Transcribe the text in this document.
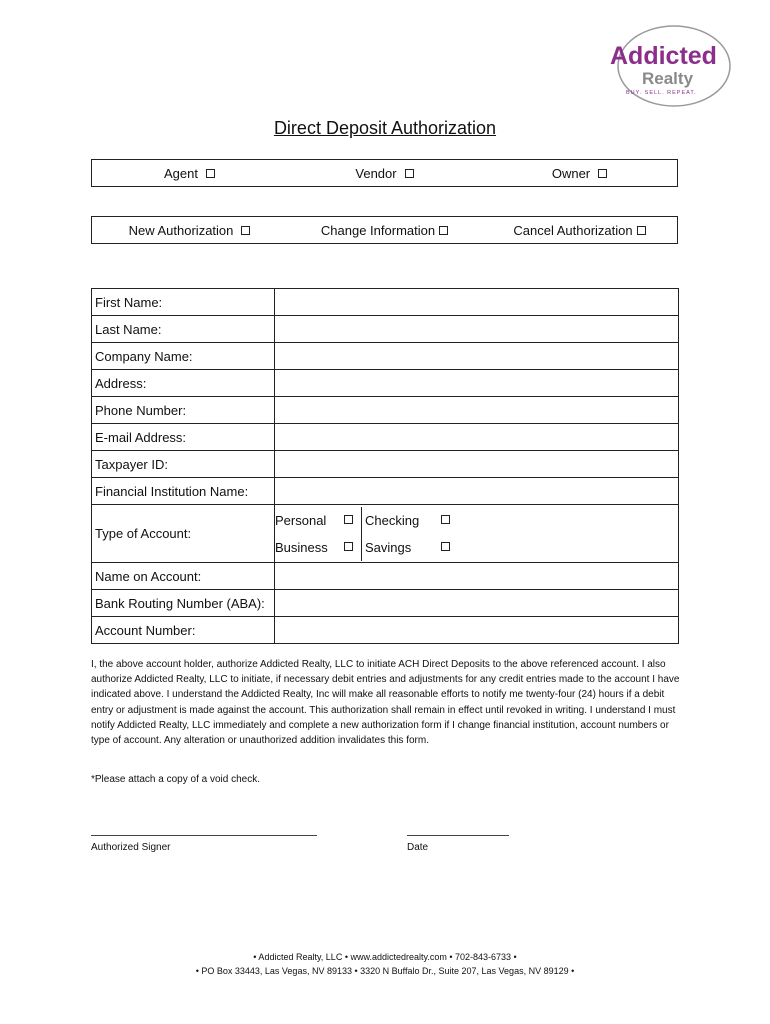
Addicted
Realty
BUY. SELL. REPEAT.
Direct Deposit Authorization
Agent	Vendor	Owner
New Authorization	Change Information	Cancel Authorization
First Name:	
Last Name:	
Company Name:	
Address:	
Phone Number:	
E-mail Address:	
Taxpayer ID:	
Financial Institution Name:	
Type of Account:	Personal Checking
Business Savings

Name on Account:	
Bank Routing Number (ABA):	
Account Number:	
I, the above account holder, authorize Addicted Realty, LLC to initiate ACH Direct Deposits to the above referenced account. I also authorize Addicted Realty, LLC to initiate, if necessary debit entries and adjustments for any credit entries made to the account I have indicated above. I understand the Addicted Realty, Inc will make all reasonable efforts to notify me twenty-four (24) hours if a debit entry or adjustment is made against the account. This authorization shall remain in effect until revoked in writing. I understand I must notify Addicted Realty, LLC immediately and complete a new authorization form if I change financial institution, account numbers or type of account. Any alteration or unauthorized addition invalidates this form.
*Please attach a copy of a void check.
Authorized Signer	Date
• Addicted Realty, LLC • www.addictedrealty.com • 702-843-6733 •
• PO Box 33443, Las Vegas, NV 89133 • 3320 N Buffalo Dr., Suite 207, Las Vegas, NV 89129 •
